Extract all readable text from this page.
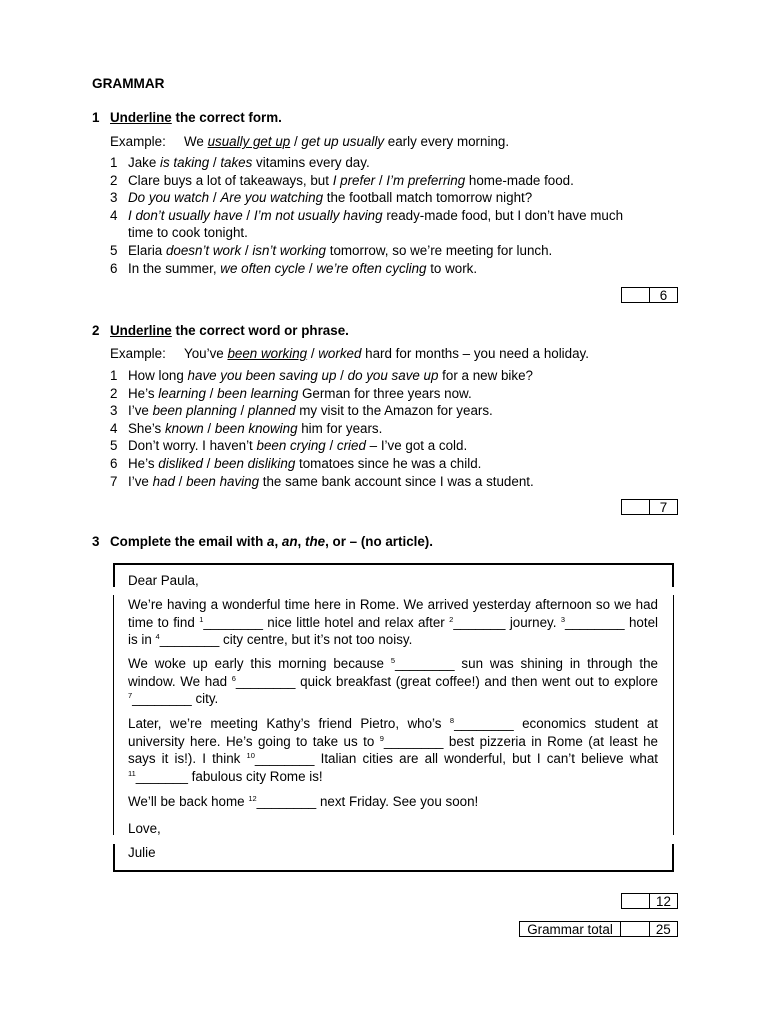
GRAMMAR
1 Underline the correct form.
Example: We usually get up / get up usually early every morning.
1 Jake is taking / takes vitamins every day.
2 Clare buys a lot of takeaways, but I prefer / I’m preferring home-made food.
3 Do you watch / Are you watching the football match tomorrow night?
4 I don’t usually have / I’m not usually having ready-made food, but I don’t have much
time to cook tonight.
5 Elaria doesn’t work / isn’t working tomorrow, so we’re meeting for lunch.
6 In the summer, we often cycle / we’re often cycling to work.
6
2 Underline the correct word or phrase.
Example: You’ve been working / worked hard for months – you need a holiday.
1 How long have you been saving up / do you save up for a new bike?
2 He’s learning / been learning German for three years now.
3 I’ve been planning / planned my visit to the Amazon for years.
4 She’s known / been knowing him for years.
5 Don’t worry. I haven’t been crying / cried – I’ve got a cold.
6 He’s disliked / been disliking tomatoes since he was a child.
7 I’ve had / been having the same bank account since I was a student.
7
3 Complete the email with a, an, the, or – (no article).
Dear Paula,
We’re having a wonderful time here in Rome. We arrived yesterday afternoon so we had time to find $^1$________ nice little hotel and relax after $^2$_______ journey. $^3$________ hotel is in $^4$________ city centre, but it’s not too noisy.
We woke up early this morning because $^5$________ sun was shining in through the window. We had $^6$________ quick breakfast (great coffee!) and then went out to explore $^7$________ city.
Later, we’re meeting Kathy’s friend Pietro, who’s $^8$________ economics student at university here. He’s going to take us to $^9$________ best pizzeria in Rome (at least he says it is!). I think $^{10}$________ Italian cities are all wonderful, but I can’t believe what $^{11}$_______ fabulous city Rome is!
We’ll be back home $^{12}$________ next Friday. See you soon!
Love,
Julie
12
Grammar total	25
